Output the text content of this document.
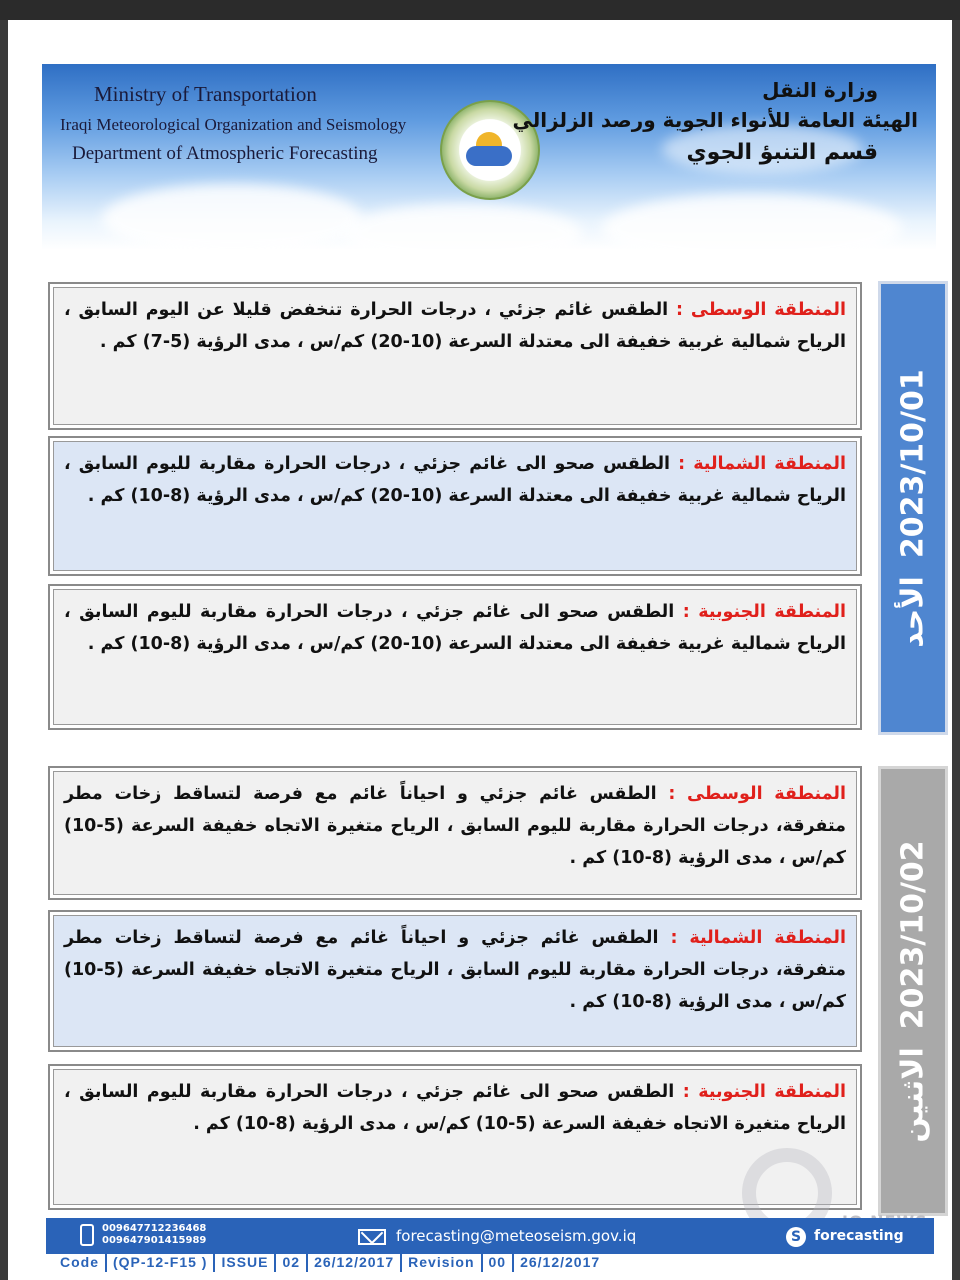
Ministry of Transportation
Iraqi Meteorological Organization and Seismology
Department of Atmospheric Forecasting
وزارة النقل
الهيئة العامة للأنواء الجوية ورصد الزلزالي
قسم التنبؤ الجوي
المنطقة الوسطى : الطقس غائم جزئي ، درجات الحرارة تنخفض قليلا عن اليوم السابق ، الرياح شمالية غربية خفيفة الى معتدلة السرعة (10-20) كم/س ، مدى الرؤية (5-7) كم .
المنطقة الشمالية : الطقس صحو الى غائم جزئي ، درجات الحرارة مقاربة لليوم السابق ، الرياح شمالية غربية خفيفة الى معتدلة السرعة (10-20) كم/س ، مدى الرؤية (8-10) كم .
المنطقة الجنوبية : الطقس صحو الى غائم جزئي ، درجات الحرارة مقاربة لليوم السابق ، الرياح شمالية غربية خفيفة الى معتدلة السرعة (10-20) كم/س ، مدى الرؤية (8-10) كم .
2023/10/01
الأحد
المنطقة الوسطى : الطقس غائم جزئي و احياناً غائم مع فرصة لتساقط زخات مطر متفرقة، درجات الحرارة مقاربة لليوم السابق ، الرياح متغيرة الاتجاه خفيفة السرعة (5-10) كم/س ، مدى الرؤية (8-10) كم .
المنطقة الشمالية : الطقس غائم جزئي و احياناً غائم مع فرصة لتساقط زخات مطر متفرقة، درجات الحرارة مقاربة لليوم السابق ، الرياح متغيرة الاتجاه خفيفة السرعة (5-10) كم/س ، مدى الرؤية (8-10) كم .
المنطقة الجنوبية : الطقس صحو الى غائم جزئي ، درجات الحرارة مقاربة لليوم السابق ، الرياح متغيرة الاتجاه خفيفة السرعة (5-10) كم/س ، مدى الرؤية (8-10) كم .
2023/10/02
الاثنين
009647712236468
009647901415989	forecasting@meteoseism.gov.iq	S forecasting
Code	(QP-12-F15 )	ISSUE	02	26/12/2017	Revision	00	26/12/2017
